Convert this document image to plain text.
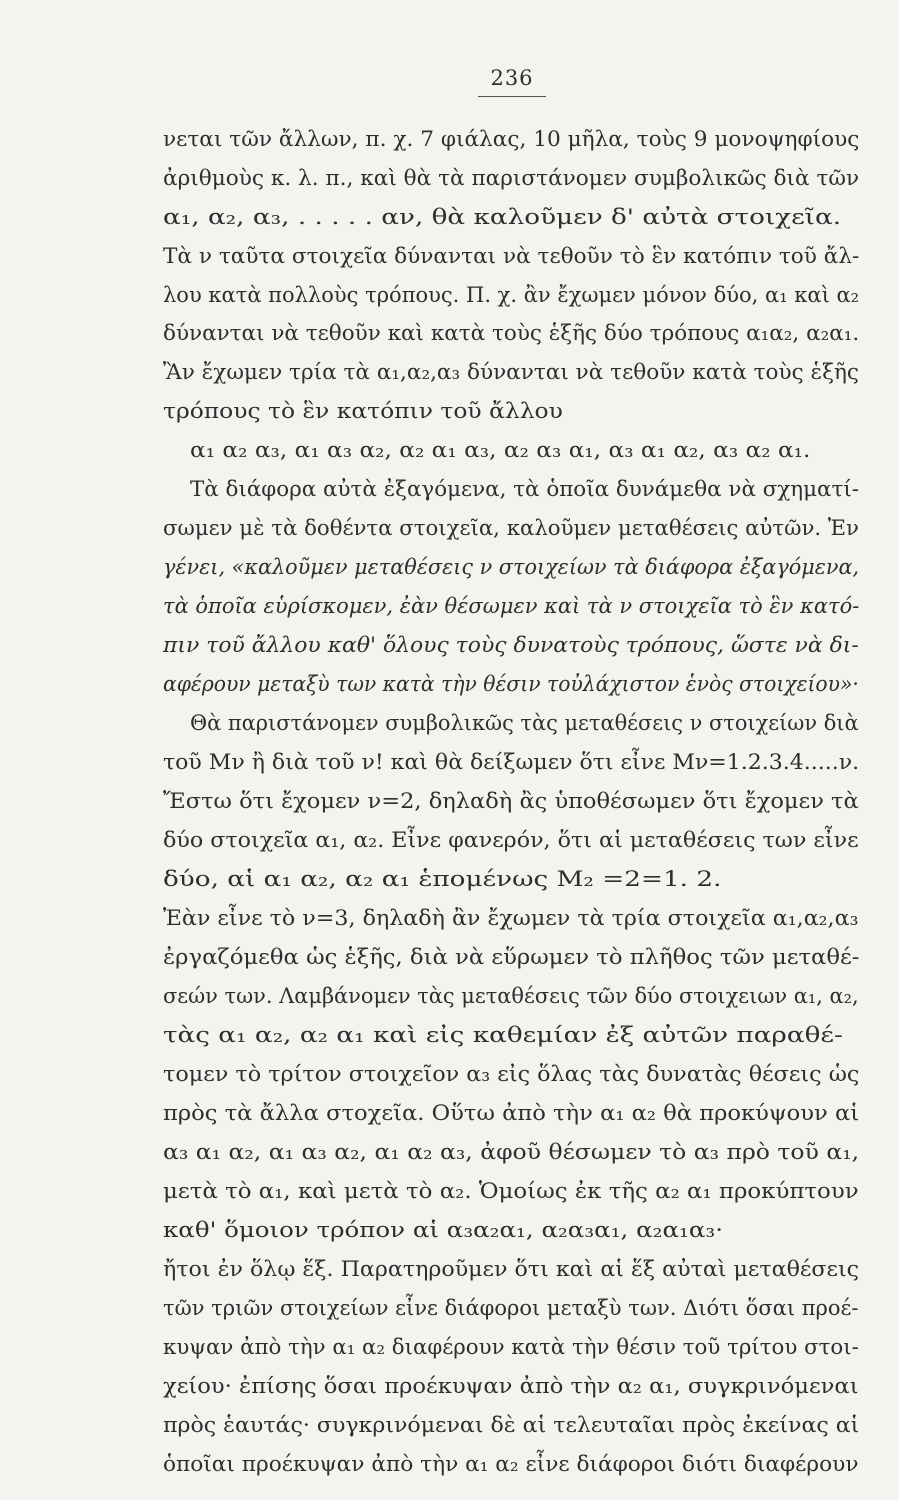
236
νεται τῶν ἄλλων, π. χ. 7 φιάλας, 10 μῆλα, τοὺς 9 μονοψηφίους
ἀριθμοὺς κ. λ. π., καὶ θὰ τὰ παριστάνομεν συμβολικῶς διὰ τῶν
α₁, α₂, α₃, . . . . . αν, θὰ καλοῦμεν δ' αὐτὰ στοιχεῖα.
Τὰ ν ταῦτα στοιχεῖα δύνανται νὰ τεθοῦν τὸ ἓν κατόπιν τοῦ ἄλ-
λου κατὰ πολλοὺς τρόπους. Π. χ. ἂν ἔχωμεν μόνον δύο, α₁ καὶ α₂
δύνανται νὰ τεθοῦν καὶ κατὰ τοὺς ἑξῆς δύο τρόπους α₁α₂, α₂α₁.
Ἂν ἔχωμεν τρία τὰ α₁,α₂,α₃ δύνανται νὰ τεθοῦν κατὰ τοὺς ἑξῆς
τρόπους τὸ ἓν κατόπιν τοῦ ἄλλου
α₁ α₂ α₃, α₁ α₃ α₂, α₂ α₁ α₃, α₂ α₃ α₁, α₃ α₁ α₂, α₃ α₂ α₁.
Τὰ διάφορα αὐτὰ ἐξαγόμενα, τὰ ὁποῖα δυνάμεθα νὰ σχηματί-
σωμεν μὲ τὰ δοθέντα στοιχεῖα, καλοῦμεν μεταθέσεις αὐτῶν. Ἐν
γένει, «καλοῦμεν μεταθέσεις ν στοιχείων τὰ διάφορα ἐξαγόμενα,
τὰ ὁποῖα εὑρίσκομεν, ἐὰν θέσωμεν καὶ τὰ ν στοιχεῖα τὸ ἓν κατό-
πιν τοῦ ἄλλου καθ' ὅλους τοὺς δυνατοὺς τρόπους, ὥστε νὰ δι-
αφέρουν μεταξὺ των κατὰ τὴν θέσιν τοὐλάχιστον ἑνὸς στοιχείου»·
Θὰ παριστάνομεν συμβολικῶς τὰς μεταθέσεις ν στοιχείων διὰ
τοῦ Mν ἢ διὰ τοῦ ν! καὶ θὰ δείξωμεν ὅτι εἶνε Mν=1.2.3.4.....ν.
Ἔστω ὅτι ἔχομεν ν=2, δηλαδὴ ἂς ὑποθέσωμεν ὅτι ἔχομεν τὰ
δύο στοιχεῖα α₁, α₂. Εἶνε φανερόν, ὅτι αἱ μεταθέσεις των εἶνε
δύο, αἱ α₁ α₂, α₂ α₁ ἑπομένως M₂ =2=1. 2.
Ἐὰν εἶνε τὸ ν=3, δηλαδὴ ἂν ἔχωμεν τὰ τρία στοιχεῖα α₁,α₂,α₃
ἐργαζόμεθα ὡς ἑξῆς, διὰ νὰ εὕρωμεν τὸ πλῆθος τῶν μεταθέ-
σεών των. Λαμβάνομεν τὰς μεταθέσεις τῶν δύο στοιχειων α₁, α₂,
τὰς α₁ α₂, α₂ α₁ καὶ εἰς καθεμίαν ἐξ αὐτῶν παραθέ-
τομεν τὸ τρίτον στοιχεῖον α₃ εἰς ὅλας τὰς δυνατὰς θέσεις ὡς
πρὸς τὰ ἄλλα στοχεῖα. Οὕτω ἀπὸ τὴν α₁ α₂ θὰ προκύψουν αἱ
α₃ α₁ α₂, α₁ α₃ α₂, α₁ α₂ α₃, ἀφοῦ θέσωμεν τὸ α₃ πρὸ τοῦ α₁,
μετὰ τὸ α₁, καὶ μετὰ τὸ α₂. Ὁμοίως ἐκ τῆς α₂ α₁ προκύπτουν
καθ' ὅμοιον τρόπον αἱ α₃α₂α₁, α₂α₃α₁, α₂α₁α₃·
ἤτοι ἐν ὅλῳ ἕξ. Παρατηροῦμεν ὅτι καὶ αἱ ἕξ αὐταὶ μεταθέσεις
τῶν τριῶν στοιχείων εἶνε διάφοροι μεταξὺ των. Διότι ὅσαι προέ-
κυψαν ἀπὸ τὴν α₁ α₂ διαφέρουν κατὰ τὴν θέσιν τοῦ τρίτου στοι-
χείου· ἐπίσης ὅσαι προέκυψαν ἀπὸ τὴν α₂ α₁, συγκρινόμεναι
πρὸς ἑαυτάς· συγκρινόμεναι δὲ αἱ τελευταῖαι πρὸς ἐκείνας αἱ
ὁποῖαι προέκυψαν ἀπὸ τὴν α₁ α₂ εἶνε διάφοροι διότι διαφέρουν
